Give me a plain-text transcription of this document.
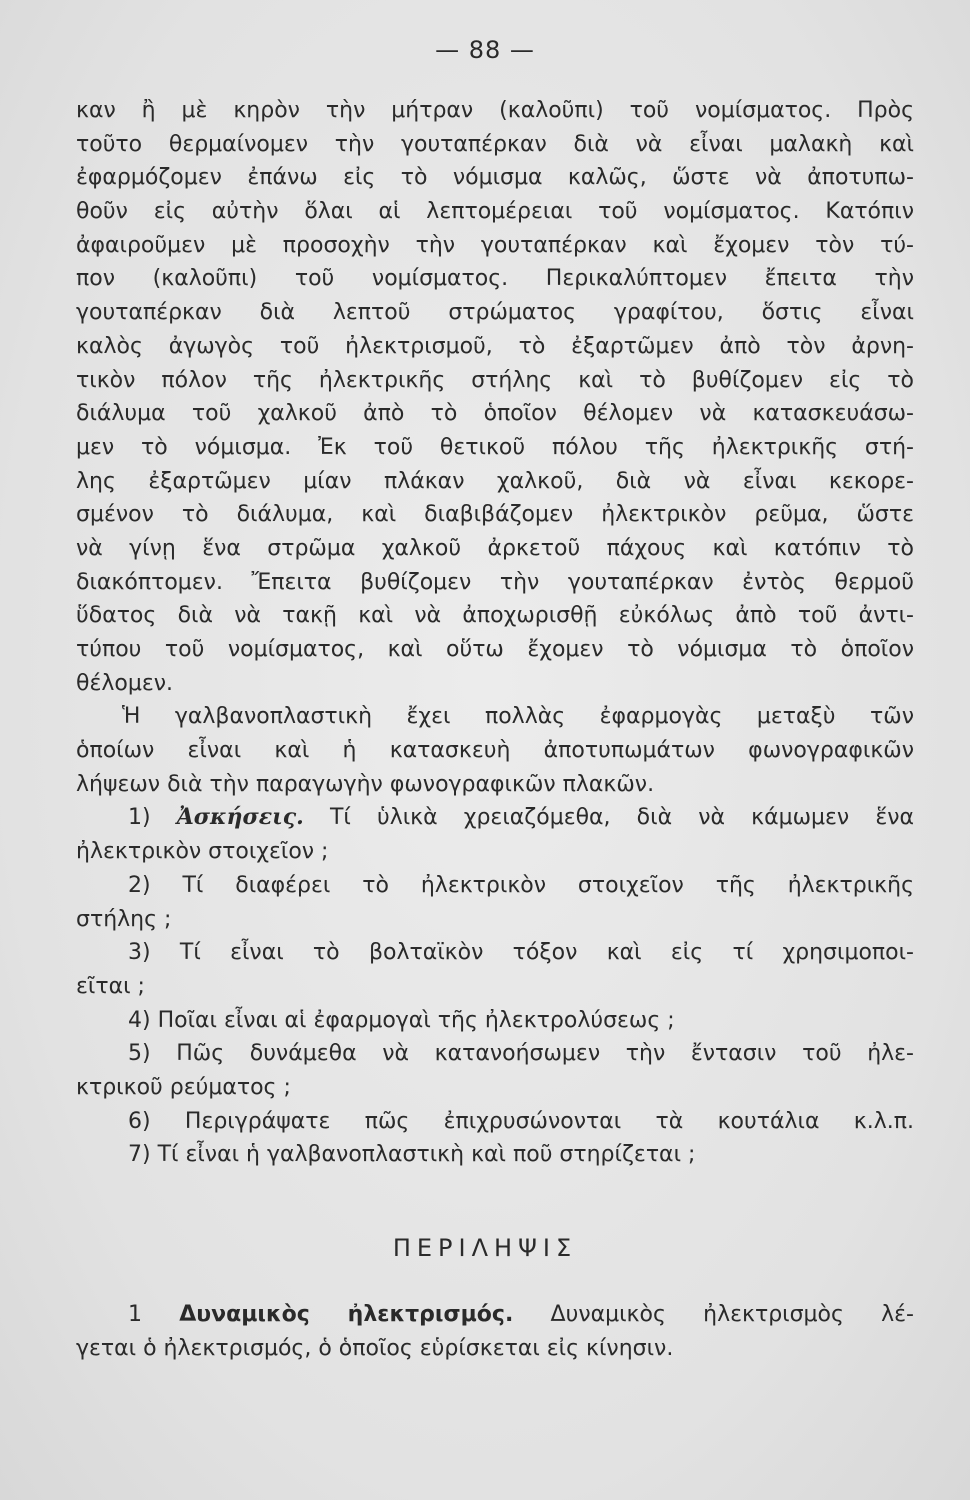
— 88 —
καν ἢ μὲ κηρὸν τὴν μήτραν (καλοῦπι) τοῦ νομίσματος. Πρὸς
τοῦτο θερμαίνομεν τὴν γουταπέρκαν διὰ νὰ εἶναι μαλακὴ καὶ
ἐφαρμόζομεν ἐπάνω εἰς τὸ νόμισμα καλῶς, ὥστε νὰ ἀποτυπω-
θοῦν εἰς αὐτὴν ὅλαι αἱ λεπτομέρειαι τοῦ νομίσματος. Κατόπιν
ἀφαιροῦμεν μὲ προσοχὴν τὴν γουταπέρκαν καὶ ἔχομεν τὸν τύ-
πον (καλοῦπι) τοῦ νομίσματος. Περικαλύπτομεν ἔπειτα τὴν
γουταπέρκαν διὰ λεπτοῦ στρώματος γραφίτου, ὅστις εἶναι
καλὸς ἀγωγὸς τοῦ ἠλεκτρισμοῦ, τὸ ἐξαρτῶμεν ἀπὸ τὸν ἀρνη-
τικὸν πόλον τῆς ἠλεκτρικῆς στήλης καὶ τὸ βυθίζομεν εἰς τὸ
διάλυμα τοῦ χαλκοῦ ἀπὸ τὸ ὁποῖον θέλομεν νὰ κατασκευάσω-
μεν τὸ νόμισμα. Ἐκ τοῦ θετικοῦ πόλου τῆς ἠλεκτρικῆς στή-
λης ἐξαρτῶμεν μίαν πλάκαν χαλκοῦ, διὰ νὰ εἶναι κεκορε-
σμένον τὸ διάλυμα, καὶ διαβιβάζομεν ἠλεκτρικὸν ρεῦμα, ὥστε
νὰ γίνῃ ἕνα στρῶμα χαλκοῦ ἀρκετοῦ πάχους καὶ κατόπιν τὸ
διακόπτομεν. Ἔπειτα βυθίζομεν τὴν γουταπέρκαν ἐντὸς θερμοῦ
ὕδατος διὰ νὰ τακῇ καὶ νὰ ἀποχωρισθῇ εὐκόλως ἀπὸ τοῦ ἀντι-
τύπου τοῦ νομίσματος, καὶ οὕτω ἔχομεν τὸ νόμισμα τὸ ὁποῖον
θέλομεν.
Ἡ γαλβανοπλαστικὴ ἔχει πολλὰς ἐφαρμογὰς μεταξὺ τῶν
ὁποίων εἶναι καὶ ἡ κατασκευὴ ἀποτυπωμάτων φωνογραφικῶν
λήψεων διὰ τὴν παραγωγὴν φωνογραφικῶν πλακῶν.
1) Ἀσκήσεις. Τί ὑλικὰ χρειαζόμεθα, διὰ νὰ κάμωμεν ἕνα
ἠλεκτρικὸν στοιχεῖον ;
2) Τί διαφέρει τὸ ἠλεκτρικὸν στοιχεῖον τῆς ἠλεκτρικῆς
στήλης ;
3) Τί εἶναι τὸ βολταϊκὸν τόξον καὶ εἰς τί χρησιμοποι-
εῖται ;
4) Ποῖαι εἶναι αἱ ἐφαρμογαὶ τῆς ἠλεκτρολύσεως ;
5) Πῶς δυνάμεθα νὰ κατανοήσωμεν τὴν ἔντασιν τοῦ ἠλε-
κτρικοῦ ρεύματος ;
6) Περιγράψατε πῶς ἐπιχρυσώνονται τὰ κουτάλια κ.λ.π.
7) Τί εἶναι ἡ γαλβανοπλαστικὴ καὶ ποῦ στηρίζεται ;
ΠΕΡΙΛΗΨΙΣ
1 Δυναμικὸς ἠλεκτρισμός. Δυναμικὸς ἠλεκτρισμὸς λέ-
γεται ὁ ἠλεκτρισμός, ὁ ὁποῖος εὑρίσκεται εἰς κίνησιν.
